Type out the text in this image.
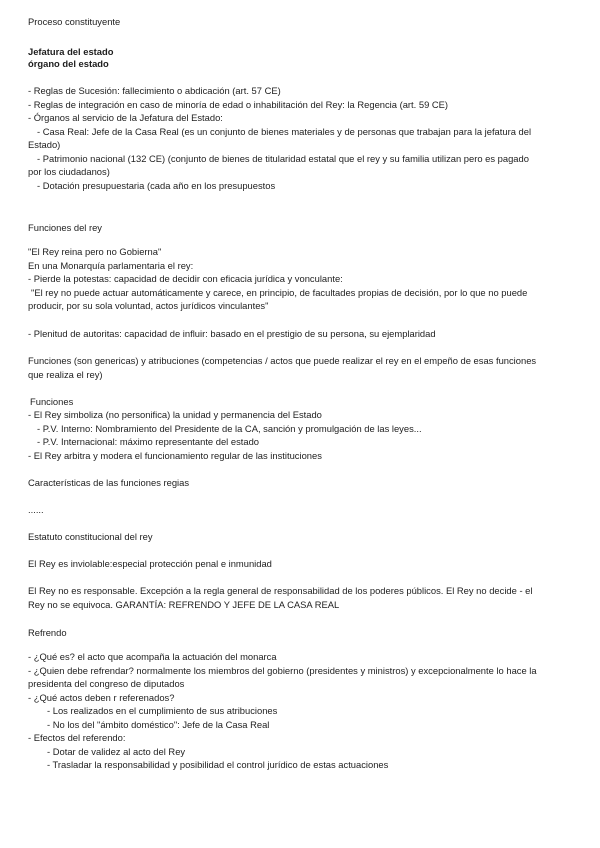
Proceso constituyente
Jefatura del estado
órgano del estado
- Reglas de Sucesión: fallecimiento o abdicación (art. 57 CE)
- Reglas de integración en caso de minoría de edad o inhabilitación del Rey: la Regencia (art. 59 CE)
- Órganos al servicio de la Jefatura del Estado:
- Casa Real: Jefe de la Casa Real (es un conjunto de bienes materiales y de personas que trabajan para la jefatura del
Estado)
- Patrimonio nacional (132 CE) (conjunto de bienes de titularidad estatal que el rey y su familia utilizan pero es pagado
por los ciudadanos)
- Dotación presupuestaria (cada año en los presupuestos
Funciones del rey
"El Rey reina pero no Gobierna"
En una Monarquía parlamentaria el rey:
- Pierde la potestas: capacidad de decidir con eficacia jurídica y vonculante:
"El rey no puede actuar automáticamente y carece, en principio, de facultades propias de decisión, por lo que no puede
producir, por su sola voluntad, actos jurídicos vinculantes"
- Plenitud de autoritas: capacidad de influir: basado en el prestigio de su persona, su ejemplaridad
Funciones (son genericas) y atribuciones (competencias / actos que puede realizar el rey en el empeño de esas funciones
que realiza el rey)
Funciones
- El Rey simboliza (no personifica) la unidad y permanencia del Estado
- P.V. Interno: Nombramiento del Presidente de la CA, sanción y promulgación de las leyes...
- P.V. Internacional: máximo representante del estado
- El Rey arbitra y modera el funcionamiento regular de las instituciones
Características de las funciones regias
......
Estatuto constitucional del rey
El Rey es inviolable:especial protección penal e inmunidad
El Rey no es responsable. Excepción a la regla general de responsabilidad de los poderes públicos. El Rey no decide - el
Rey no se equivoca. GARANTÍA: REFRENDO Y JEFE DE LA CASA REAL
Refrendo
- ¿Qué es? el acto que acompaña la actuación del monarca
- ¿Quien debe refrendar? normalmente los miembros del gobierno (presidentes y ministros) y excepcionalmente lo hace la
presidenta del congreso de diputados
- ¿Qué actos deben r referenados?
- Los realizados en el cumplimiento de sus atribuciones
- No los del "ámbito doméstico": Jefe de la Casa Real
- Efectos del referendo:
- Dotar de validez al acto del Rey
- Trasladar la responsabilidad y posibilidad el control jurídico de estas actuaciones
